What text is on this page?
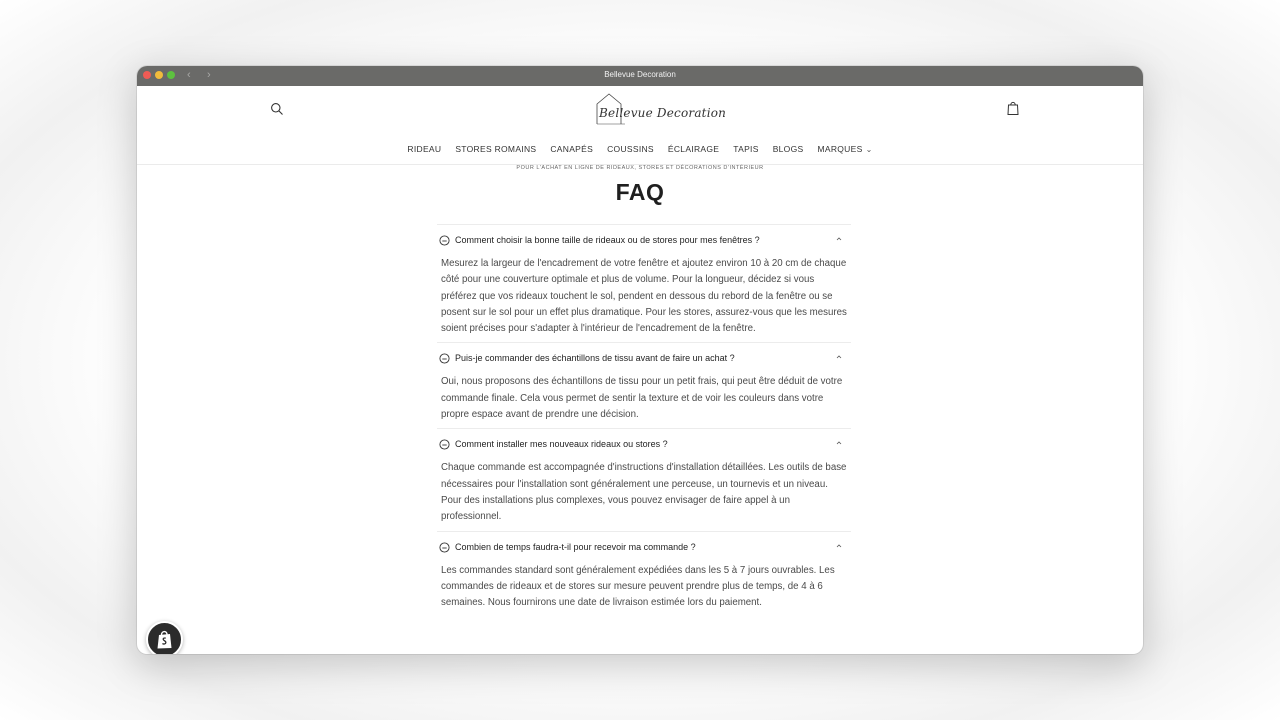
‹ ›	Bellevue Decoration
Bellevue Decoration
RIDEAU STORES ROMAINS CANAPÉS COUSSINS ÉCLAIRAGE TAPIS BLOGS MARQUES ⌄
POUR L'ACHAT EN LIGNE DE RIDEAUX, STORES ET DÉCORATIONS D'INTÉRIEUR
FAQ
Comment choisir la bonne taille de rideaux ou de stores pour mes fenêtres ?

Mesurez la largeur de l'encadrement de votre fenêtre et ajoutez environ 10 à 20 cm de chaque côté pour une couverture optimale et plus de volume. Pour la longueur, décidez si vous préférez que vos rideaux touchent le sol, pendent en dessous du rebord de la fenêtre ou se posent sur le sol pour un effet plus dramatique. Pour les stores, assurez-vous que les mesures soient précises pour s'adapter à l'intérieur de l'encadrement de la fenêtre.

Puis-je commander des échantillons de tissu avant de faire un achat ?

Oui, nous proposons des échantillons de tissu pour un petit frais, qui peut être déduit de votre commande finale. Cela vous permet de sentir la texture et de voir les couleurs dans votre propre espace avant de prendre une décision.

Comment installer mes nouveaux rideaux ou stores ?

Chaque commande est accompagnée d'instructions d'installation détaillées. Les outils de base nécessaires pour l'installation sont généralement une perceuse, un tournevis et un niveau. Pour des installations plus complexes, vous pouvez envisager de faire appel à un professionnel.

Combien de temps faudra-t-il pour recevoir ma commande ?

Les commandes standard sont généralement expédiées dans les 5 à 7 jours ouvrables. Les commandes de rideaux et de stores sur mesure peuvent prendre plus de temps, de 4 à 6 semaines. Nous fournirons une date de livraison estimée lors du paiement.
